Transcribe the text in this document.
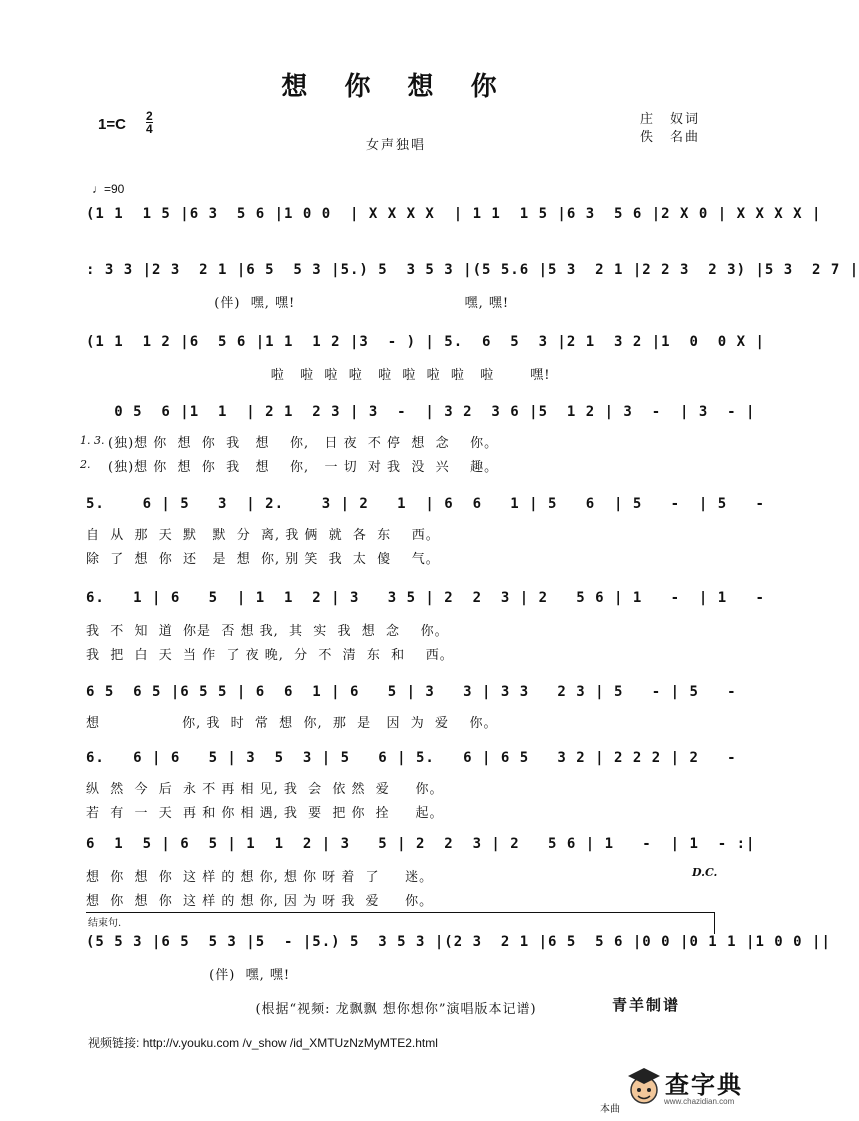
想 你 想 你
1=C 2
4
女声独唱
庄　奴词
佚　名曲
♩=90
(1 1  1 5 |6 3  5 6 |1 0 0  | X X X X  | 1 1  1 5 |6 3  5 6 |2 X 0 | X X X X |
: 3 3 |2 3  2 1 |6 5  5 3 |5.) 5  3 5 3 |(5 5.6 |5 3  2 1 |2 2 3  2 3) |5 3  2 7 |
(伴)  嘿, 嘿!                                 嘿, 嘿!
(1 1  1 2 |6  5 6 |1 1  1 2 |3  - ) | 5.  6  5  3 |2 1  3 2 |1  0  0 X |
啦   啦  啦  啦   啦  啦  啦  啦   啦       嘿!
0 5  6 |1  1  | 2 1  2 3 | 3  -  | 3 2  3 6 |5  1 2 | 3  -  | 3  - |
1. 3. (独)想 你  想  你  我   想    你,   日 夜  不 停  想  念    你。
2. (独)想 你  想  你  我   想    你,   一 切  对 我  没  兴    趣。
5.    6 | 5   3  | 2.    3 | 2   1  | 6  6   1 | 5   6  | 5   -  | 5   -
自  从  那  天  默   默  分  离, 我 俩  就  各  东    西。
除  了  想  你  还   是  想  你, 别 笑  我  太  傻    气。
6.   1 | 6   5  | 1  1  2 | 3   3 5 | 2  2  3 | 2   5 6 | 1   -  | 1   -
我  不  知  道  你是  否 想 我,  其  实  我  想  念    你。
我  把  白  天  当 作  了 夜 晚,  分  不  清  东  和    西。
6 5  6 5 |6 5 5 | 6  6  1 | 6   5 | 3   3 | 3 3   2 3 | 5   - | 5   -
想                你, 我  时  常  想  你,  那  是   因  为  爱    你。
6.   6 | 6   5 | 3  5  3 | 5   6 | 5.   6 | 6 5   3 2 | 2 2 2 | 2   -
纵  然  今  后  永 不 再 相 见, 我  会  依 然  爱     你。
若  有  一  天  再 和 你 相 遇, 我  要  把 你  拴     起。
6  1  5 | 6  5 | 1  1  2 | 3   5 | 2  2  3 | 2   5 6 | 1   -  | 1  - :|
想  你  想  你  这 样 的 想 你, 想 你 呀 着  了     迷。
想  你  想  你  这 样 的 想 你, 因 为 呀 我  爱     你。
D.C.
结束句.
(5 5 3 |6 5  5 3 |5  - |5.) 5  3 5 3 |(2 3  2 1 |6 5  5 6 |0 0 |0 1 1 |1 0 0 ||
(伴)  嘿, 嘿!
(根据“视频: 龙飘飘 想你想你”演唱版本记谱)	青羊制谱
视频链接: http://v.youku.com /v_show /id_XMTUzNzMyMTE2.html
本曲
查字典
www.chazidian.com
